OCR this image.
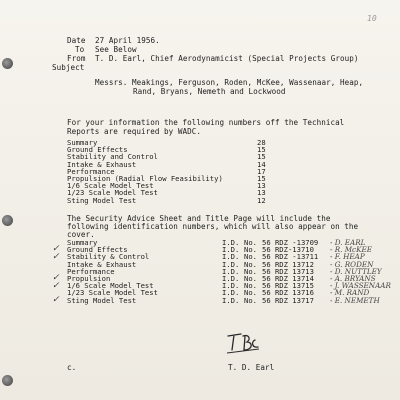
10
Date 27 April 1956.
To See Below
From T. D. Earl, Chief Aerodynamicist (Special Projects Group)
Subject
Messrs. Meakings, Ferguson, Roden, McKee, Wassenaar, Heap,
Rand, Bryans, Nemeth and Lockwood
For your information the following numbers off the Technical
Reports are required by WADC.
Summary	28
Ground Effects	15
Stability and Control	15
Intake & Exhaust	14
Performance	17
Propulsion (Radial Flow Feasibility)	15
1/6 Scale Model Test	13
1/23 Scale Model Test	13
Sting Model Test	12
The Security Advice Sheet and Title Page will include the
following identification numbers, which will also appear on the
cover.
✓
✓
✓
✓
✓
Summary	I.D. No. 56 RDZ -13709 - D. EARL
Ground Effects	I.D. No. 56 RDZ-13710 - R. McKEE
Stability & Control	I.D. No. 56 RDZ -13711 - F. HEAP
Intake & Exhaust	I.D. No. 56 RDZ 13712 - G. RODEN
Performance	I.D. No. 56 RDZ 13713 - D. NUTTLEY
Propulsion	I.D. No. 56 RDZ 13714 - A. BRYANS
1/6 Scale Model Test	I.D. No. 56 RDZ 13715 - J. WASSENAAR
1/23 Scale Model Test	I.D. No. 56 RDZ 13716 - M. RAND
Sting Model Test	I.D. No. 56 RDZ 13717 - E. NEMETH
T. D. Earl
c.
